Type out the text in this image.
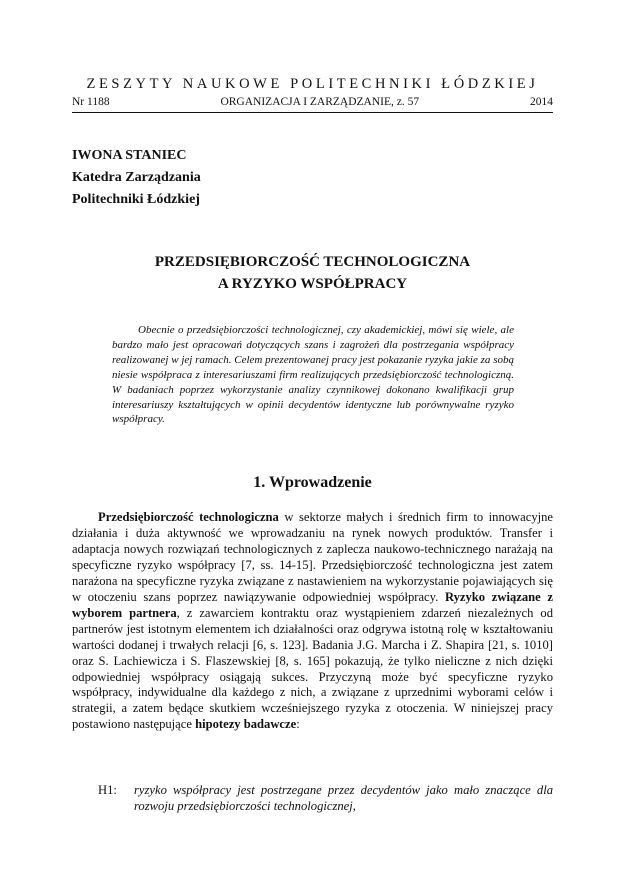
ZESZYTY NAUKOWE POLITECHNIKI ŁÓDZKIEJ
Nr 1188	ORGANIZACJA I ZARZĄDZANIE, z. 57	2014
IWONA STANIEC
Katedra Zarządzania
Politechniki Łódzkiej
PRZEDSIĘBIORCZOŚĆ TECHNOLOGICZNA
A RYZYKO WSPÓŁPRACY

Obecnie o przedsiębiorczości technologicznej, czy akademickiej, mówi się wiele, ale bardzo mało jest opracowań dotyczących szans i zagrożeń dla postrzegania współpracy realizowanej w jej ramach. Celem prezentowanej pracy jest pokazanie ryzyka jakie za sobą niesie współpraca z interesariuszami firm realizujących przedsiębiorczość technologiczną. W badaniach poprzez wykorzystanie analizy czynnikowej dokonano kwalifikacji grup interesariuszy kształtujących w opinii decydentów identyczne lub porównywalne ryzyko współpracy.

1. Wprowadzenie

Przedsiębiorczość technologiczna w sektorze małych i średnich firm to innowacyjne działania i duża aktywność we wprowadzaniu na rynek nowych produktów. Transfer i adaptacja nowych rozwiązań technologicznych z zaplecza naukowo-technicznego narażają na specyficzne ryzyko współpracy [7, ss. 14-15]. Przedsiębiorczość technologiczna jest zatem narażona na specyficzne ryzyka związane z nastawieniem na wykorzystanie pojawiających się w otoczeniu szans poprzez nawiązywanie odpowiedniej współpracy. Ryzyko związane z wyborem partnera, z zawarciem kontraktu oraz wystąpieniem zdarzeń niezależnych od partnerów jest istotnym elementem ich działalności oraz odgrywa istotną rolę w kształtowaniu wartości dodanej i trwałych relacji [6, s. 123]. Badania J.G. Marcha i Z. Shapira [21, s. 1010] oraz S. Lachiewicza i S. Flaszewskiej [8, s. 165] pokazują, że tylko nieliczne z nich dzięki odpowiedniej współpracy osiągają sukces. Przyczyną może być specyficzne ryzyko współpracy, indywidualne dla każdego z nich, a związane z uprzednimi wyborami celów i strategii, a zatem będące skutkiem wcześniejszego ryzyka z otoczenia. W niniejszej pracy postawiono następujące hipotezy badawcze:

H1:	ryzyko współpracy jest postrzegane przez decydentów jako mało znaczące dla rozwoju przedsiębiorczości technologicznej,
